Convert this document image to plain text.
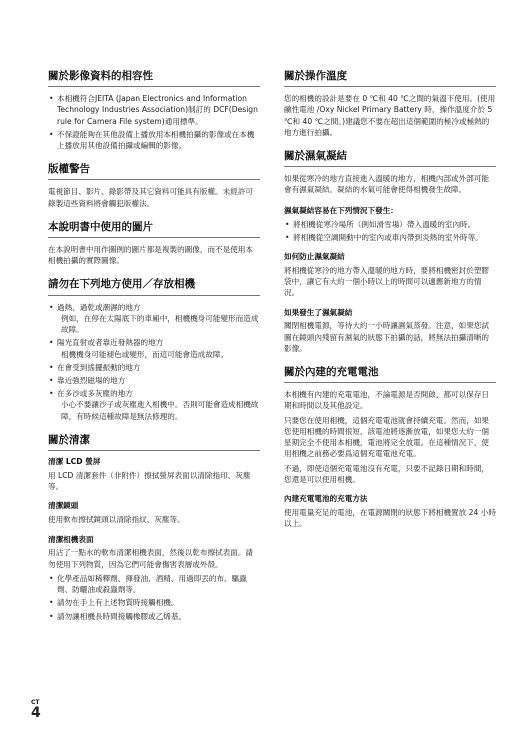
關於影像資料的相容性
• 本相機符合JEITA (Japan Electronics and Information Technology Industries Association)制訂的 DCF(Design rule for Camera File system)通用標準。
• 不保證能夠在其他設備上播放用本相機拍攝的影像或在本機上播放用其他設備拍攝或編輯的影像。
版權警告

電視節目、影片、錄影帶及其它資料可能具有版權。未經許可錄製這些資料將會觸犯版權法。

本說明書中使用的圖片

在本說明書中用作圖例的圖片都是複製的圖像，而不是使用本相機拍攝的實際圖像。

請勿在下列地方使用／存放相機
• 過熱、過乾或潮濕的地方
例如，在停在太陽底下的車廂中，相機機身可能變形而造成故障。
• 陽光直射或者靠近發熱器的地方
相機機身可能褪色或變形，而這可能會造成故障。
• 在會受到搖擺振動的地方
• 靠近強烈磁場的地方
• 在多沙或多灰塵的地方
小心不要讓沙子或灰塵進入相機中。否則可能會造成相機故障，有時候這種故障是無法修理的。
關於清潔
清潔 LCD 螢屏

用 LCD 清潔套件（非附件）擦拭螢屏表面以清除指印、灰塵等。

清潔鏡頭

使用軟布擦拭鏡頭以清除指紋、灰塵等。

清潔相機表面

用沾了一點水的軟布清潔相機表面，然後以乾布擦拭表面。請勿使用下列物質，因為它們可能會傷害表層或外殼。

• 化學產品如稀釋劑、揮發油、酒精、用過即丟的布、驅蟲劑、防曬油或殺蟲劑等。
• 請勿在手上有上述物質時接觸相機。
• 請勿讓相機長時間接觸橡膠或乙烯基。
關於操作溫度

您的相機的設計是要在 0 ℃和 40 ℃之間的氣溫下使用。(使用鹼性電池 /Oxy Nickel Primary Battery 時，操作溫度介於 5 ℃和 40 ℃之間。)建議您不要在超出這個範圍的極冷或極熱的地方進行拍攝。

關於濕氣凝結

如果從寒冷的地方直接進入溫暖的地方，相機內部或外部可能會有濕氣凝結。凝結的水氣可能會使得相機發生故障。

濕氣凝結容易在下列情況下發生：
• 將相機從寒冷場所（例如滑雪場）帶入溫暖的室內時。
• 將相機從空調開動中的室內或車內帶到炎熱的室外時等。
如何防止濕氣凝結

將相機從寒冷的地方帶入溫暖的地方時，要將相機密封於塑膠袋中，讓它有大約一個小時以上的時間可以適應新地方的情況。

如果發生了濕氣凝結

關閉相機電源，等待大約一小時讓濕氣蒸發。注意，如果您試圖在鏡頭內殘留有濕氣的狀態下拍攝的話，將無法拍攝清晰的影像。

關於內建的充電電池

本相機有內建的充電電池，不論電源是否開啟，都可以保存日期和時間以及其他設定。

只要您在使用相機，這個充電電池就會持續充電。然而，如果您使用相機的時間很短，該電池將逐漸放電，如果您大約一個星期完全不使用本相機，電池將完全放電。在這種情況下，使用相機之前務必要爲這個充電電池充電。

不過，即使這個充電電池沒有充電，只要不記錄日期和時間，您還是可以使用相機。

內建充電電池的充電方法

使用電量充足的電池，在電源關閉的狀態下將相機置放 24 小時以上。

CT
4
